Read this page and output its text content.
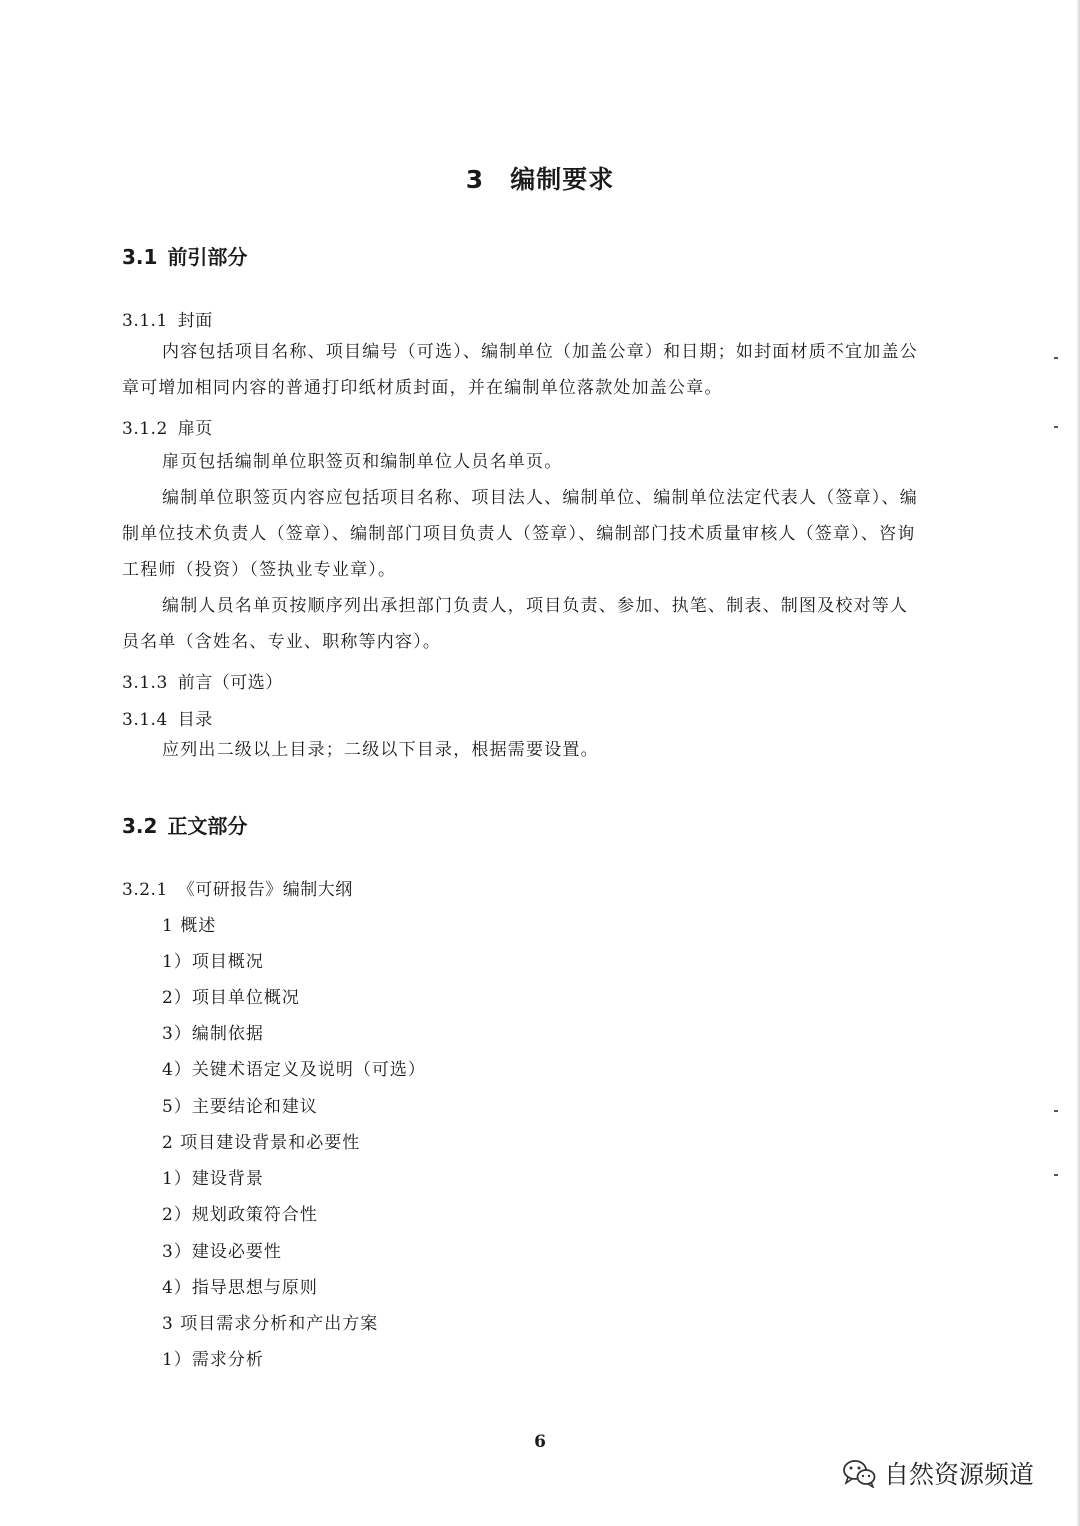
3 编制要求
3.1 前引部分
3.1.1 封面
内容包括项目名称、项目编号（可选）、编制单位（加盖公章）和日期；如封面材质不宜加盖公
章可增加相同内容的普通打印纸材质封面，并在编制单位落款处加盖公章。
3.1.2 扉页
扉页包括编制单位职签页和编制单位人员名单页。
编制单位职签页内容应包括项目名称、项目法人、编制单位、编制单位法定代表人（签章）、编
制单位技术负责人（签章）、编制部门项目负责人（签章）、编制部门技术质量审核人（签章）、咨询
工程师（投资）（签执业专业章）。
编制人员名单页按顺序列出承担部门负责人，项目负责、参加、执笔、制表、制图及校对等人
员名单（含姓名、专业、职称等内容）。
3.1.3 前言（可选）
3.1.4 目录
应列出二级以上目录；二级以下目录，根据需要设置。
3.2 正文部分
3.2.1 《可研报告》编制大纲
1 概述
1）项目概况
2）项目单位概况
3）编制依据
4）关键术语定义及说明（可选）
5）主要结论和建议
2 项目建设背景和必要性
1）建设背景
2）规划政策符合性
3）建设必要性
4）指导思想与原则
3 项目需求分析和产出方案
1）需求分析
6
自然资源频道
